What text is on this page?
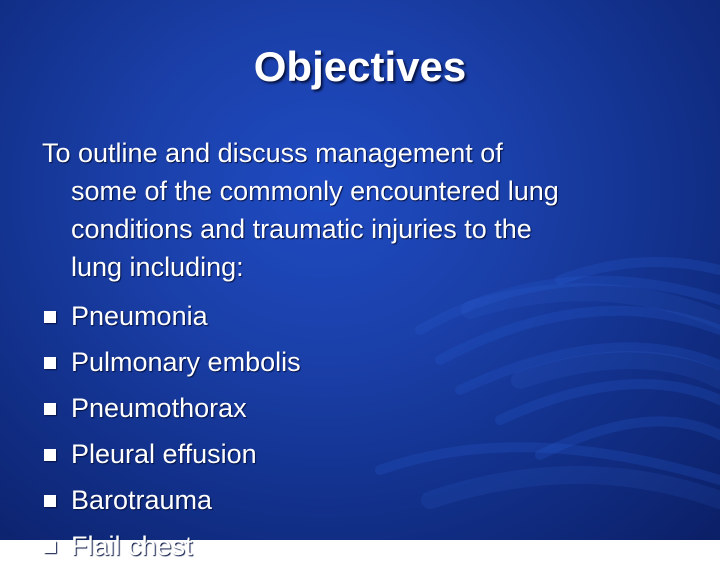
Objectives
To outline and discuss management of
some of the commonly encountered lung
conditions and traumatic injuries to the
lung including:
Pneumonia
Pulmonary embolis
Pneumothorax
Pleural effusion
Barotrauma
Flail chest
